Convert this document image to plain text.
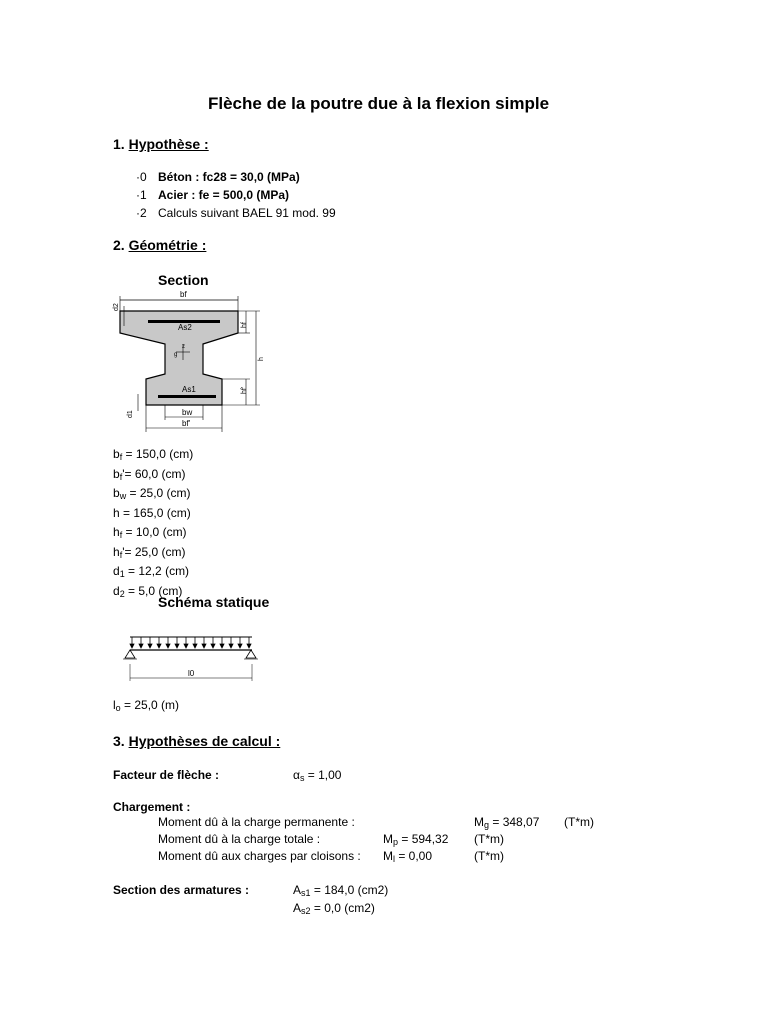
Flèche de la poutre due à la flexion simple
1. Hypothèse :
·0 Béton : fc28 = 30,0 (MPa)
·1 Acier : fe = 500,0 (MPa)
·2 Calculs suivant BAEL 91 mod. 99
2. Géométrie :
Section
bf
d2
As2
z
g
As1
hf
h
hf'
bw
bf'
d1
$b_f = 150,0$ (cm)
$b_f'= 60,0$ (cm)
$b_w = 25,0$ (cm)
h = 165,0 (cm)
$h_f = 10,0$ (cm)
$h_f'= 25,0$ (cm)
$d_1 = 12,2$ (cm)
$d_2 = 5,0$ (cm)
Schéma statique
l0
$l_o = 25,0$ (m)
3. Hypothèses de calcul :
Facteur de flèche :	$\alpha_s = 1,00$
Chargement :
Moment dû à la charge permanente :	$M_g = 348,07$ (T*m)
Moment dû à la charge totale :	$M_p = 594,32$ (T*m)
Moment dû aux charges par cloisons : $M_l = 0,00$	(T*m)
Section des armatures :	$A_{s1} = 184,0$ (cm2)
$A_{s2} = 0,0$ (cm2)
